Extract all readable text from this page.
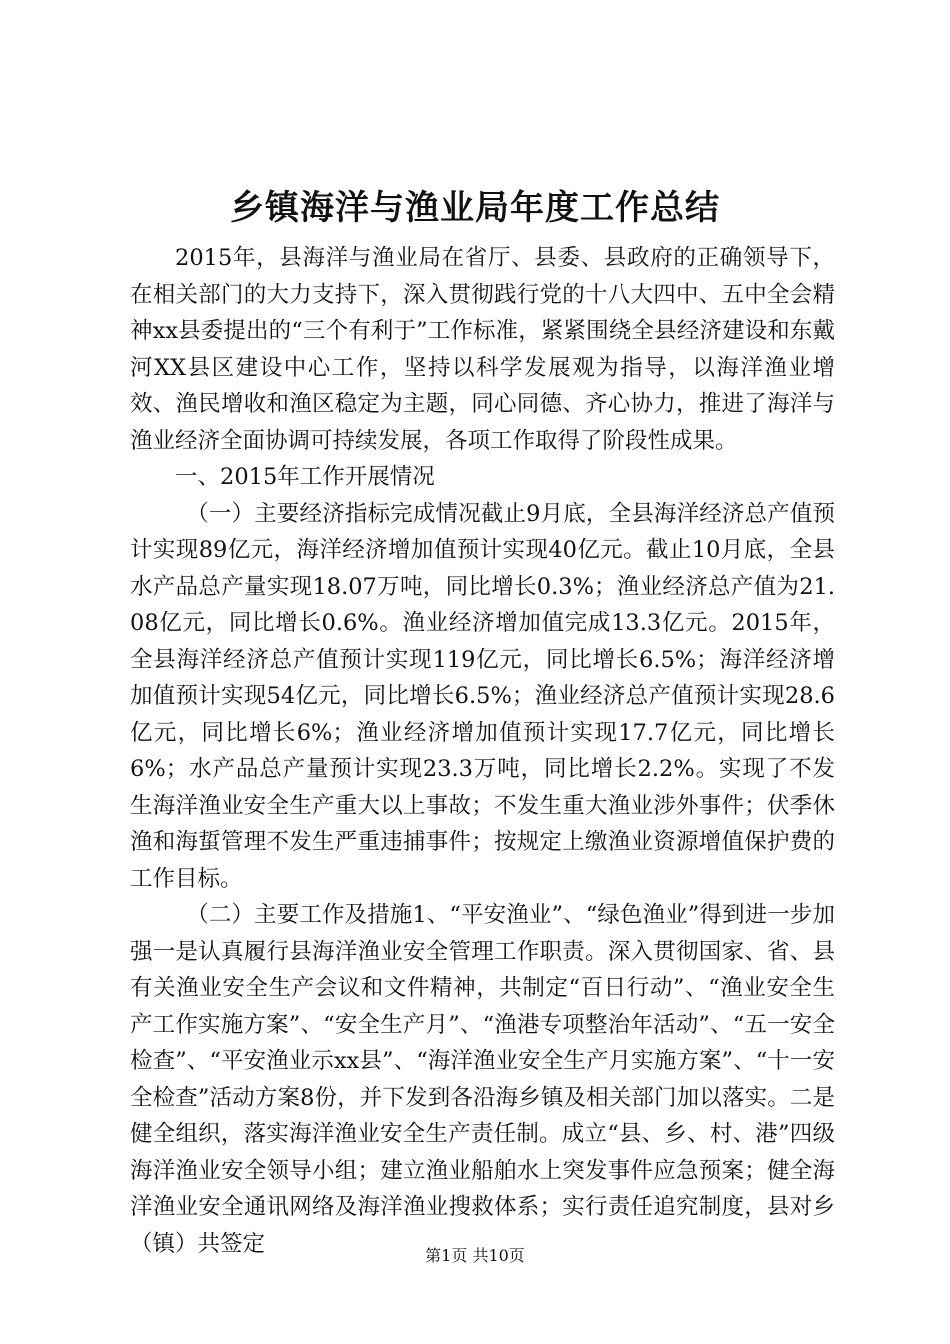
乡镇海洋与渔业局年度工作总结

2015年，县海洋与渔业局在省厅、县委、县政府的正确领导下，在相关部门的大力支持下，深入贯彻践行党的十八大四中、五中全会精神xx县委提出的“三个有利于”工作标准，紧紧围绕全县经济建设和东戴河XX县区建设中心工作，坚持以科学发展观为指导，以海洋渔业增效、渔民增收和渔区稳定为主题，同心同德、齐心协力，推进了海洋与渔业经济全面协调可持续发展，各项工作取得了阶段性成果。

一、2015年工作开展情况

（一）主要经济指标完成情况截止9月底，全县海洋经济总产值预计实现89亿元，海洋经济增加值预计实现40亿元。截止10月底，全县水产品总产量实现18.07万吨，同比增长0.3%；渔业经济总产值为21.08亿元，同比增长0.6%。渔业经济增加值完成13.3亿元。2015年，全县海洋经济总产值预计实现119亿元，同比增长6.5%；海洋经济增加值预计实现54亿元，同比增长6.5%；渔业经济总产值预计实现28.6亿元，同比增长6%；渔业经济增加值预计实现17.7亿元，同比增长6%；水产品总产量预计实现23.3万吨，同比增长2.2%。实现了不发生海洋渔业安全生产重大以上事故；不发生重大渔业涉外事件；伏季休渔和海蜇管理不发生严重违捕事件；按规定上缴渔业资源增值保护费的工作目标。

（二）主要工作及措施1、“平安渔业”、“绿色渔业”得到进一步加强一是认真履行县海洋渔业安全管理工作职责。深入贯彻国家、省、县有关渔业安全生产会议和文件精神，共制定“百日行动”、“渔业安全生产工作实施方案”、“安全生产月”、“渔港专项整治年活动”、“五一安全检查”、“平安渔业示xx县”、“海洋渔业安全生产月实施方案”、“十一安全检查”活动方案8份，并下发到各沿海乡镇及相关部门加以落实。二是健全组织，落实海洋渔业安全生产责任制。成立“县、乡、村、港”四级海洋渔业安全领导小组；建立渔业船舶水上突发事件应急预案；健全海洋渔业安全通讯网络及海洋渔业搜救体系；实行责任追究制度，县对乡（镇）共签定	第1页 共10页
